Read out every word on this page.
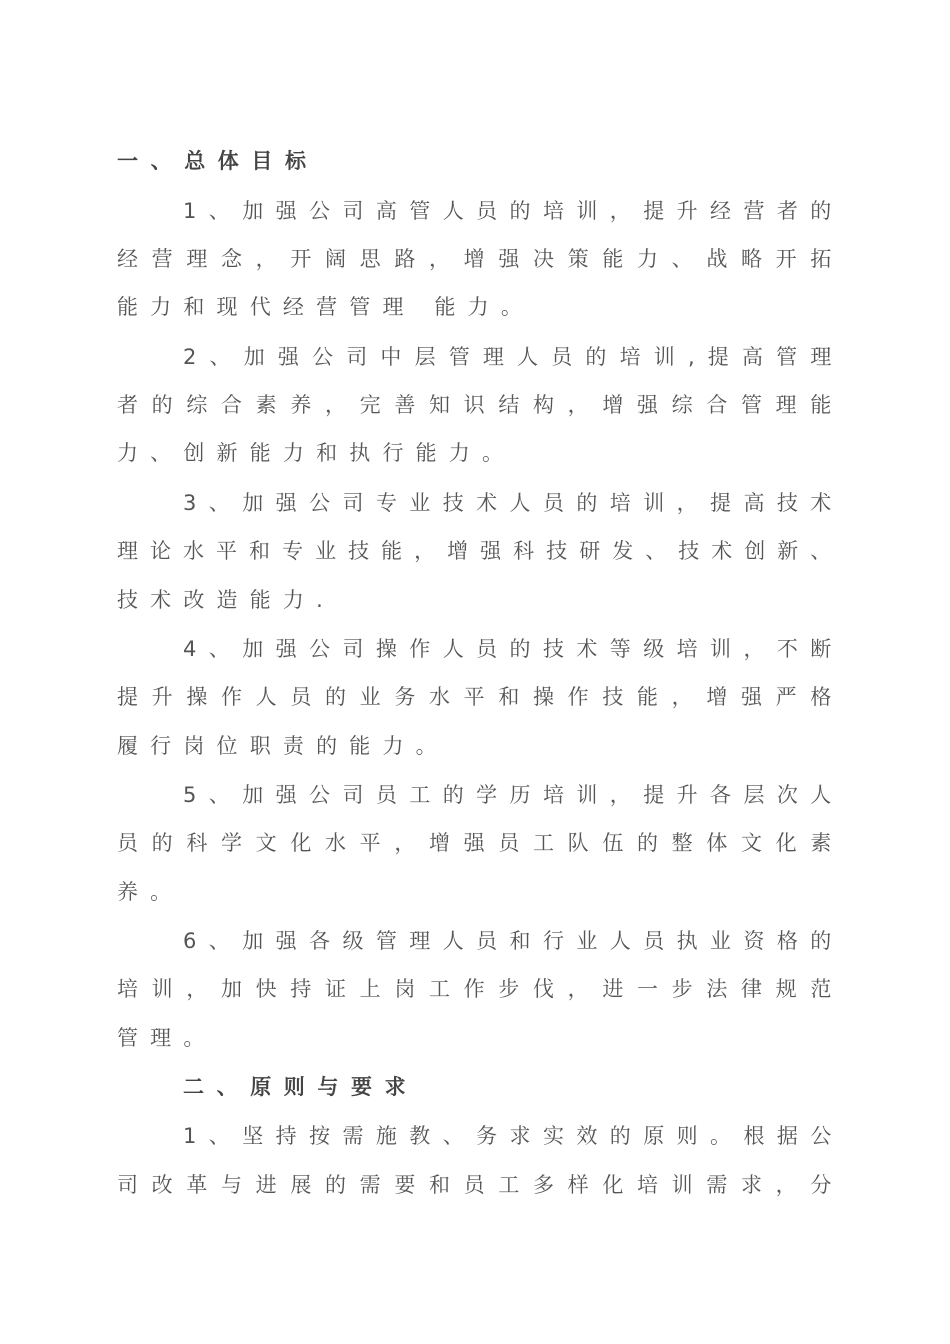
一、总体目标
1、加强公司高管人员的培训，提升经营者的
经营理念，开阔思路，增强决策能力、战略开拓
能力和现代经营管理 能力。
2、加强公司中层管理人员的培训,提高管理
者的综合素养，完善知识结构，增强综合管理能
力、创新能力和执行能力。
3、加强公司专业技术人员的培训，提高技术
理论水平和专业技能，增强科技研发、技术创新、
技术改造能力.
4、加强公司操作人员的技术等级培训，不断
提升操作人员的业务水平和操作技能，增强严格
履行岗位职责的能力。
5、加强公司员工的学历培训，提升各层次人
员的科学文化水平，增强员工队伍的整体文化素
养。
6、加强各级管理人员和行业人员执业资格的
培训，加快持证上岗工作步伐，进一步法律规范
管理。
二、原则与要求
1、坚持按需施教、务求实效的原则。根据公
司改革与进展的需要和员工多样化培训需求，分
